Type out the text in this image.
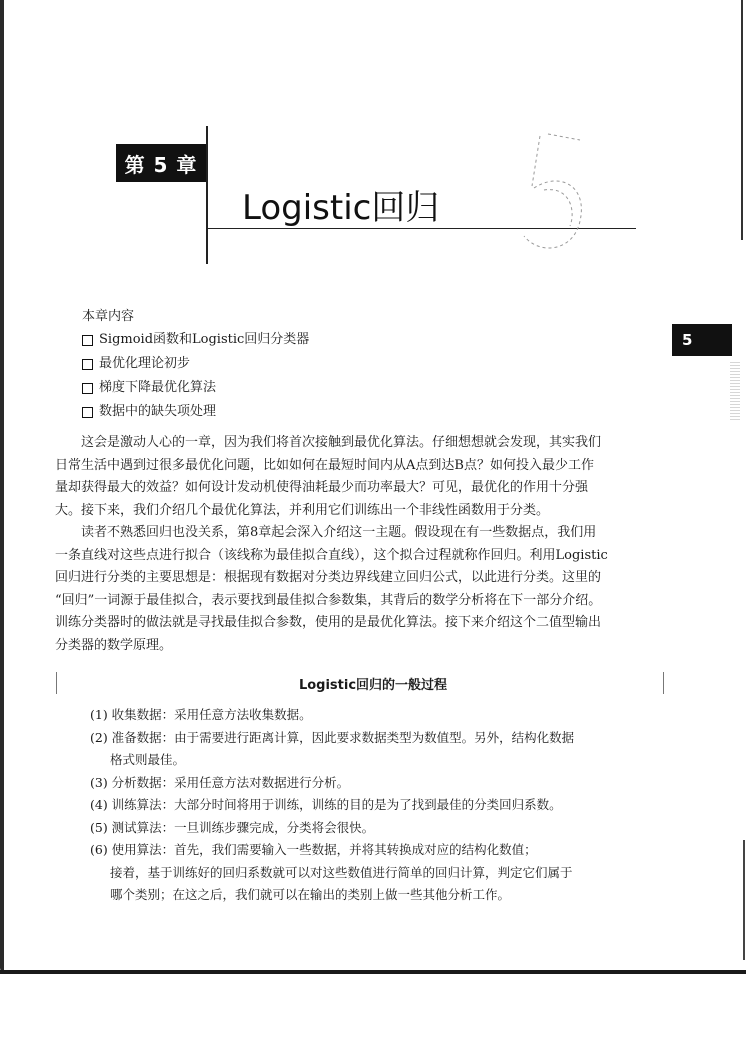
第 5 章
Logistic回归
本章内容
Sigmoid函数和Logistic回归分类器
最优化理论初步
梯度下降最优化算法
数据中的缺失项处理
5

这会是激动人心的一章，因为我们将首次接触到最优化算法。仔细想想就会发现，其实我们
日常生活中遇到过很多最优化问题，比如如何在最短时间内从A点到达B点？如何投入最少工作
量却获得最大的效益？如何设计发动机使得油耗最少而功率最大？可见，最优化的作用十分强
大。接下来，我们介绍几个最优化算法，并利用它们训练出一个非线性函数用于分类。

读者不熟悉回归也没关系，第8章起会深入介绍这一主题。假设现在有一些数据点，我们用
一条直线对这些点进行拟合（该线称为最佳拟合直线），这个拟合过程就称作回归。利用Logistic
回归进行分类的主要思想是：根据现有数据对分类边界线建立回归公式，以此进行分类。这里的
“回归”一词源于最佳拟合，表示要找到最佳拟合参数集，其背后的数学分析将在下一部分介绍。
训练分类器时的做法就是寻找最佳拟合参数，使用的是最优化算法。接下来介绍这个二值型输出
分类器的数学原理。

Logistic回归的一般过程
(1) 收集数据：采用任意方法收集数据。
(2) 准备数据：由于需要进行距离计算，因此要求数据类型为数值型。另外，结构化数据
格式则最佳。
(3) 分析数据：采用任意方法对数据进行分析。
(4) 训练算法：大部分时间将用于训练，训练的目的是为了找到最佳的分类回归系数。
(5) 测试算法：一旦训练步骤完成，分类将会很快。
(6) 使用算法：首先，我们需要输入一些数据，并将其转换成对应的结构化数值；
接着，基于训练好的回归系数就可以对这些数值进行简单的回归计算，判定它们属于
哪个类别；在这之后，我们就可以在输出的类别上做一些其他分析工作。
